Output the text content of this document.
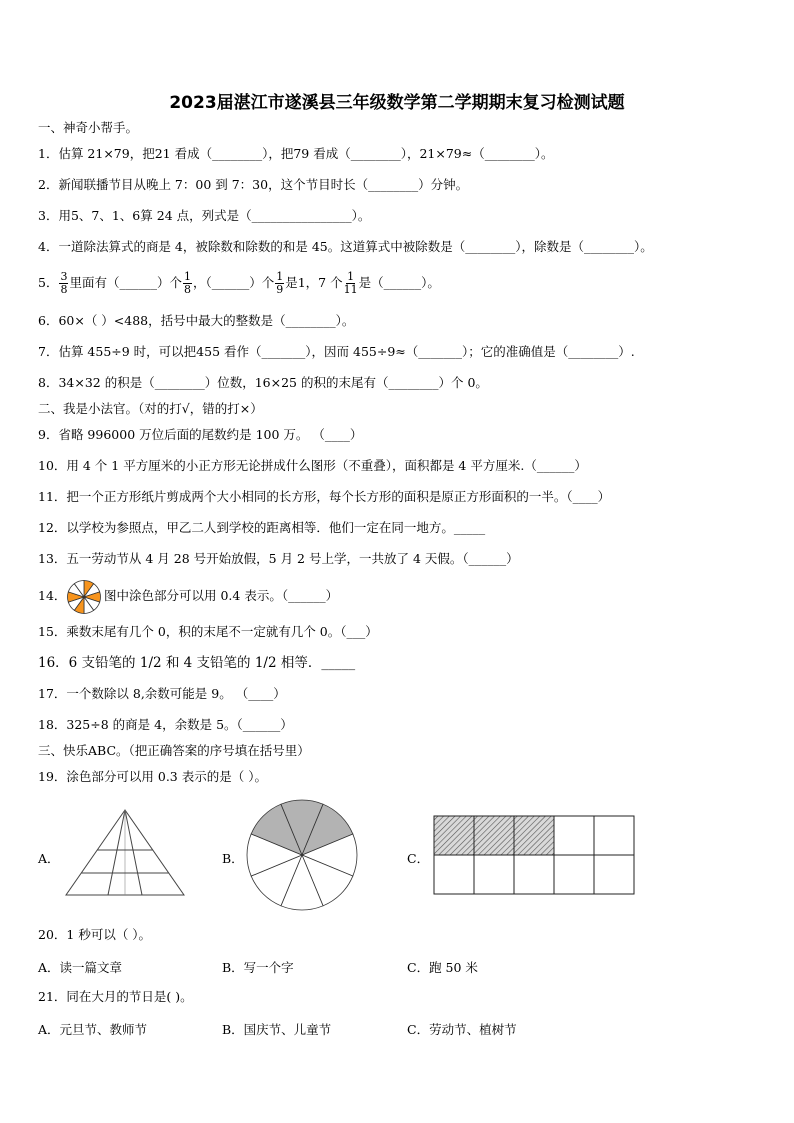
2023届湛江市遂溪县三年级数学第二学期期末复习检测试题
一、神奇小帮手。
1．估算 21×79，把21 看成（________），把79 看成（________），21×79≈（________）。
2．新闻联播节目从晚上 7：00 到 7：30，这个节目时长（________）分钟。
3．用5、7、1、6算 24 点，列式是（________________）。
4．一道除法算式的商是 4，被除数和除数的和是 45。这道算式中被除数是（________），除数是（________）。
5． $\frac{3}{8}$ 里面有（______）个 $\frac{1}{8}$ ，（______）个 $\frac{1}{9}$ 是1，7 个 $\frac{1}{11}$ 是（______）。
6．60×（ ）<488，括号中最大的整数是（________）。
7．估算 455÷9 时，可以把455 看作（_______），因而 455÷9≈（_______）；它的准确值是（________）.
8．34×32 的积是（________）位数，16×25 的积的末尾有（________）个 0。
二、我是小法官。（对的打√，错的打×）
9．省略 996000 万位后面的尾数约是 100 万。 （____）
10．用 4 个 1 平方厘米的小正方形无论拼成什么图形（不重叠），面积都是 4 平方厘米.（______）
11．把一个正方形纸片剪成两个大小相同的长方形，每个长方形的面积是原正方形面积的一半。（____）
12．以学校为参照点，甲乙二人到学校的距离相等．他们一定在同一地方。_____
13．五一劳动节从 4 月 28 号开始放假，5 月 2 号上学，一共放了 4 天假。（______）
14．	图中涂色部分可以用 0.4 表示。（______）
15．乘数末尾有几个 0，积的末尾不一定就有几个 0。（___）
16．6 支铅笔的 1/2 和 4 支铅笔的 1/2 相等．_____
17．一个数除以 8,余数可能是 9。 （____）
18．325÷8 的商是 4，余数是 5。（______）
三、快乐ABC。（把正确答案的序号填在括号里）
19．涂色部分可以用 0.3 表示的是（ ）。
A．	B．	C．
20．1 秒可以（ ）。
A．读一篇文章	B．写一个字	C．跑 50 米
21．同在大月的节日是( )。
A．元旦节、教师节	B．国庆节、儿童节	C．劳动节、植树节
